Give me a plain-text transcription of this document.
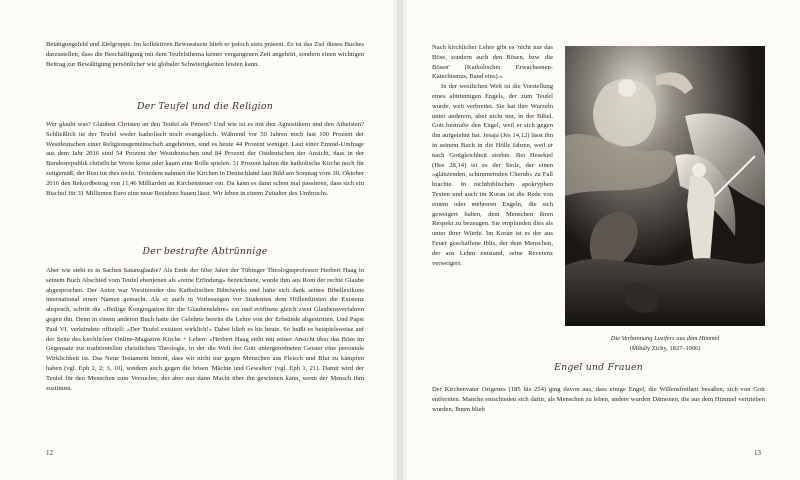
Betätigungsfeld und Zielgruppe. Im kollektiven Bewusstsein blieb er jedoch stets präsent. Es ist das Ziel dieses Buches darzustellen, dass die Beschäftigung mit dem Teufelsthema keiner vergangenen Zeit angehört, sondern einen wichtigen Beitrag zur Bewältigung persönlicher wie globaler Schwierigkeiten leisten kann.

Der Teufel und die Religion

Wer glaubt was? Glauben Christen an den Teufel als Person? Und wie ist es mit den Agnostikern und den Atheisten? Schließlich ist der Teufel weder katholisch noch evangelisch. Während vor 50 Jahren noch fast 100 Prozent der Westdeutschen einer Religionsgemeinschaft angehörten, sind es heute 44 Prozent weniger. Laut einer Emnid-Umfrage aus dem Jahr 2016 sind 54 Prozent der Westdeutschen und 84 Prozent der Ostdeutschen der Ansicht, dass in der Bundesrepublik christliche Werte keine oder kaum eine Rolle spielen. 31 Prozent halten die katholische Kirche noch für zeitgemäß, der Rest tut dies nicht. Trotzdem nahmen die Kirchen in Deutschland laut Bild am Sonntag vom 30. Oktober 2016 den Rekordbetrag von 11,46 Milliarden an Kirchensteuer ein. Da kann es dann schon mal passieren, dass sich ein Bischof für 31 Millionen Euro eine neue Residenz bauen lässt. Wir leben in einem Zeitalter des Umbruchs.

Der bestrafte Abtrünnige

Aber wie steht es in Sachen Satansglaube? Als Ende der 60er Jahre der Tübinger Theologieprofessor Herbert Haag in seinem Buch Abschied vom Teufel ebenjenen als »reine Erfindung« bezeichnete, wurde ihm aus Rom der rechte Glaube abgesprochen. Der Autor war Vorsitzender des Katholischen Bibelwerks und hatte sich dank seines Bibellexikons international einen Namen gemacht. Als er auch in Vorlesungen vor Studenten dem Höllenfürsten die Existenz absprach, schritt die »Heilige Kongregation für die Glaubenslehre« ein und eröffnete gleich zwei Glaubensverfahren gegen ihn. Denn in einem anderen Buch hatte der Gelehrte bereits die Lehre von der Erbsünde abgestritten. Und Papst Paul VI. verkündete offiziell: »Der Teufel existiert wirklich!« Dabei blieb es bis heute. So heißt es beispielsweise auf der Seite des kirchlichen Online-Magazins Kirche + Leben: »Herbert Haag steht mit seiner Ansicht über das Böse im Gegensatz zur traditionellen christlichen Theologie, in der die Welt der Gott untergeordneten Geister eine personale Wirklichkeit ist. Das Neue Testament betont, dass wir nicht nur gegen Menschen aus Fleisch und Blut zu kämpfen haben (vgl. Eph 2, 2; 3, 10), sondern auch gegen die bösen 'Mächte und Gewalten' (vgl. Eph 1, 21). Damit wird der Teufel für den Menschen zum Versucher, der aber nur dann Macht über ihn gewinnen kann, wenn der Mensch ihm zustimmt.

12

Nach kirchlicher Lehre gibt es 'nicht nur das Böse, sondern auch den Bösen, bzw. die Bösen' (Katholischer Erwachsenen-Katechismus, Band eins).«

In der westlichen Welt ist die Vorstellung eines abtrünnigen Engels, der zum Teufel wurde, weit verbreitet. Sie hat ihre Wurzeln unter anderem, aber nicht nur, in der Bibel. Gott bestrafte den Engel, weil er sich gegen ihn aufgelehnt hat. Jesaja (Jes 14,12) lässt ihn in seinem Buch in die Hölle fahren, weil er nach Gottgleichheit strebte. Bei Hesekiel (Hes 28,14) ist es der Stolz, der einen »glänzenden, schimmernden Cherub« zu Fall brachte. In nichtbiblischen apokryphen Texten und auch im Koran ist die Rede von einem oder mehreren Engeln, die sich geweigert haben, dem Menschen ihren Respekt zu bezeugen. Sie empfanden dies als unter ihrer Würde. Im Koran ist es der aus Feuer geschaffene Iblis, der dem Menschen, der aus Lehm entstand, seine Reverenz verweigert.

Die Verbannung Luzifers aus dem Himmel
(Mihály Zichy, 1827–1906)
Engel und Frauen

Der Kirchenvater Origenes (185 bis 254) ging davon aus, dass einige Engel, die Willensfreiheit besaßen, sich von Gott entfernten. Manche entschieden sich dafür, als Menschen zu leben, andere wurden Dämonen, die aus dem Himmel vertrieben wurden. Ihnen blieb

13
